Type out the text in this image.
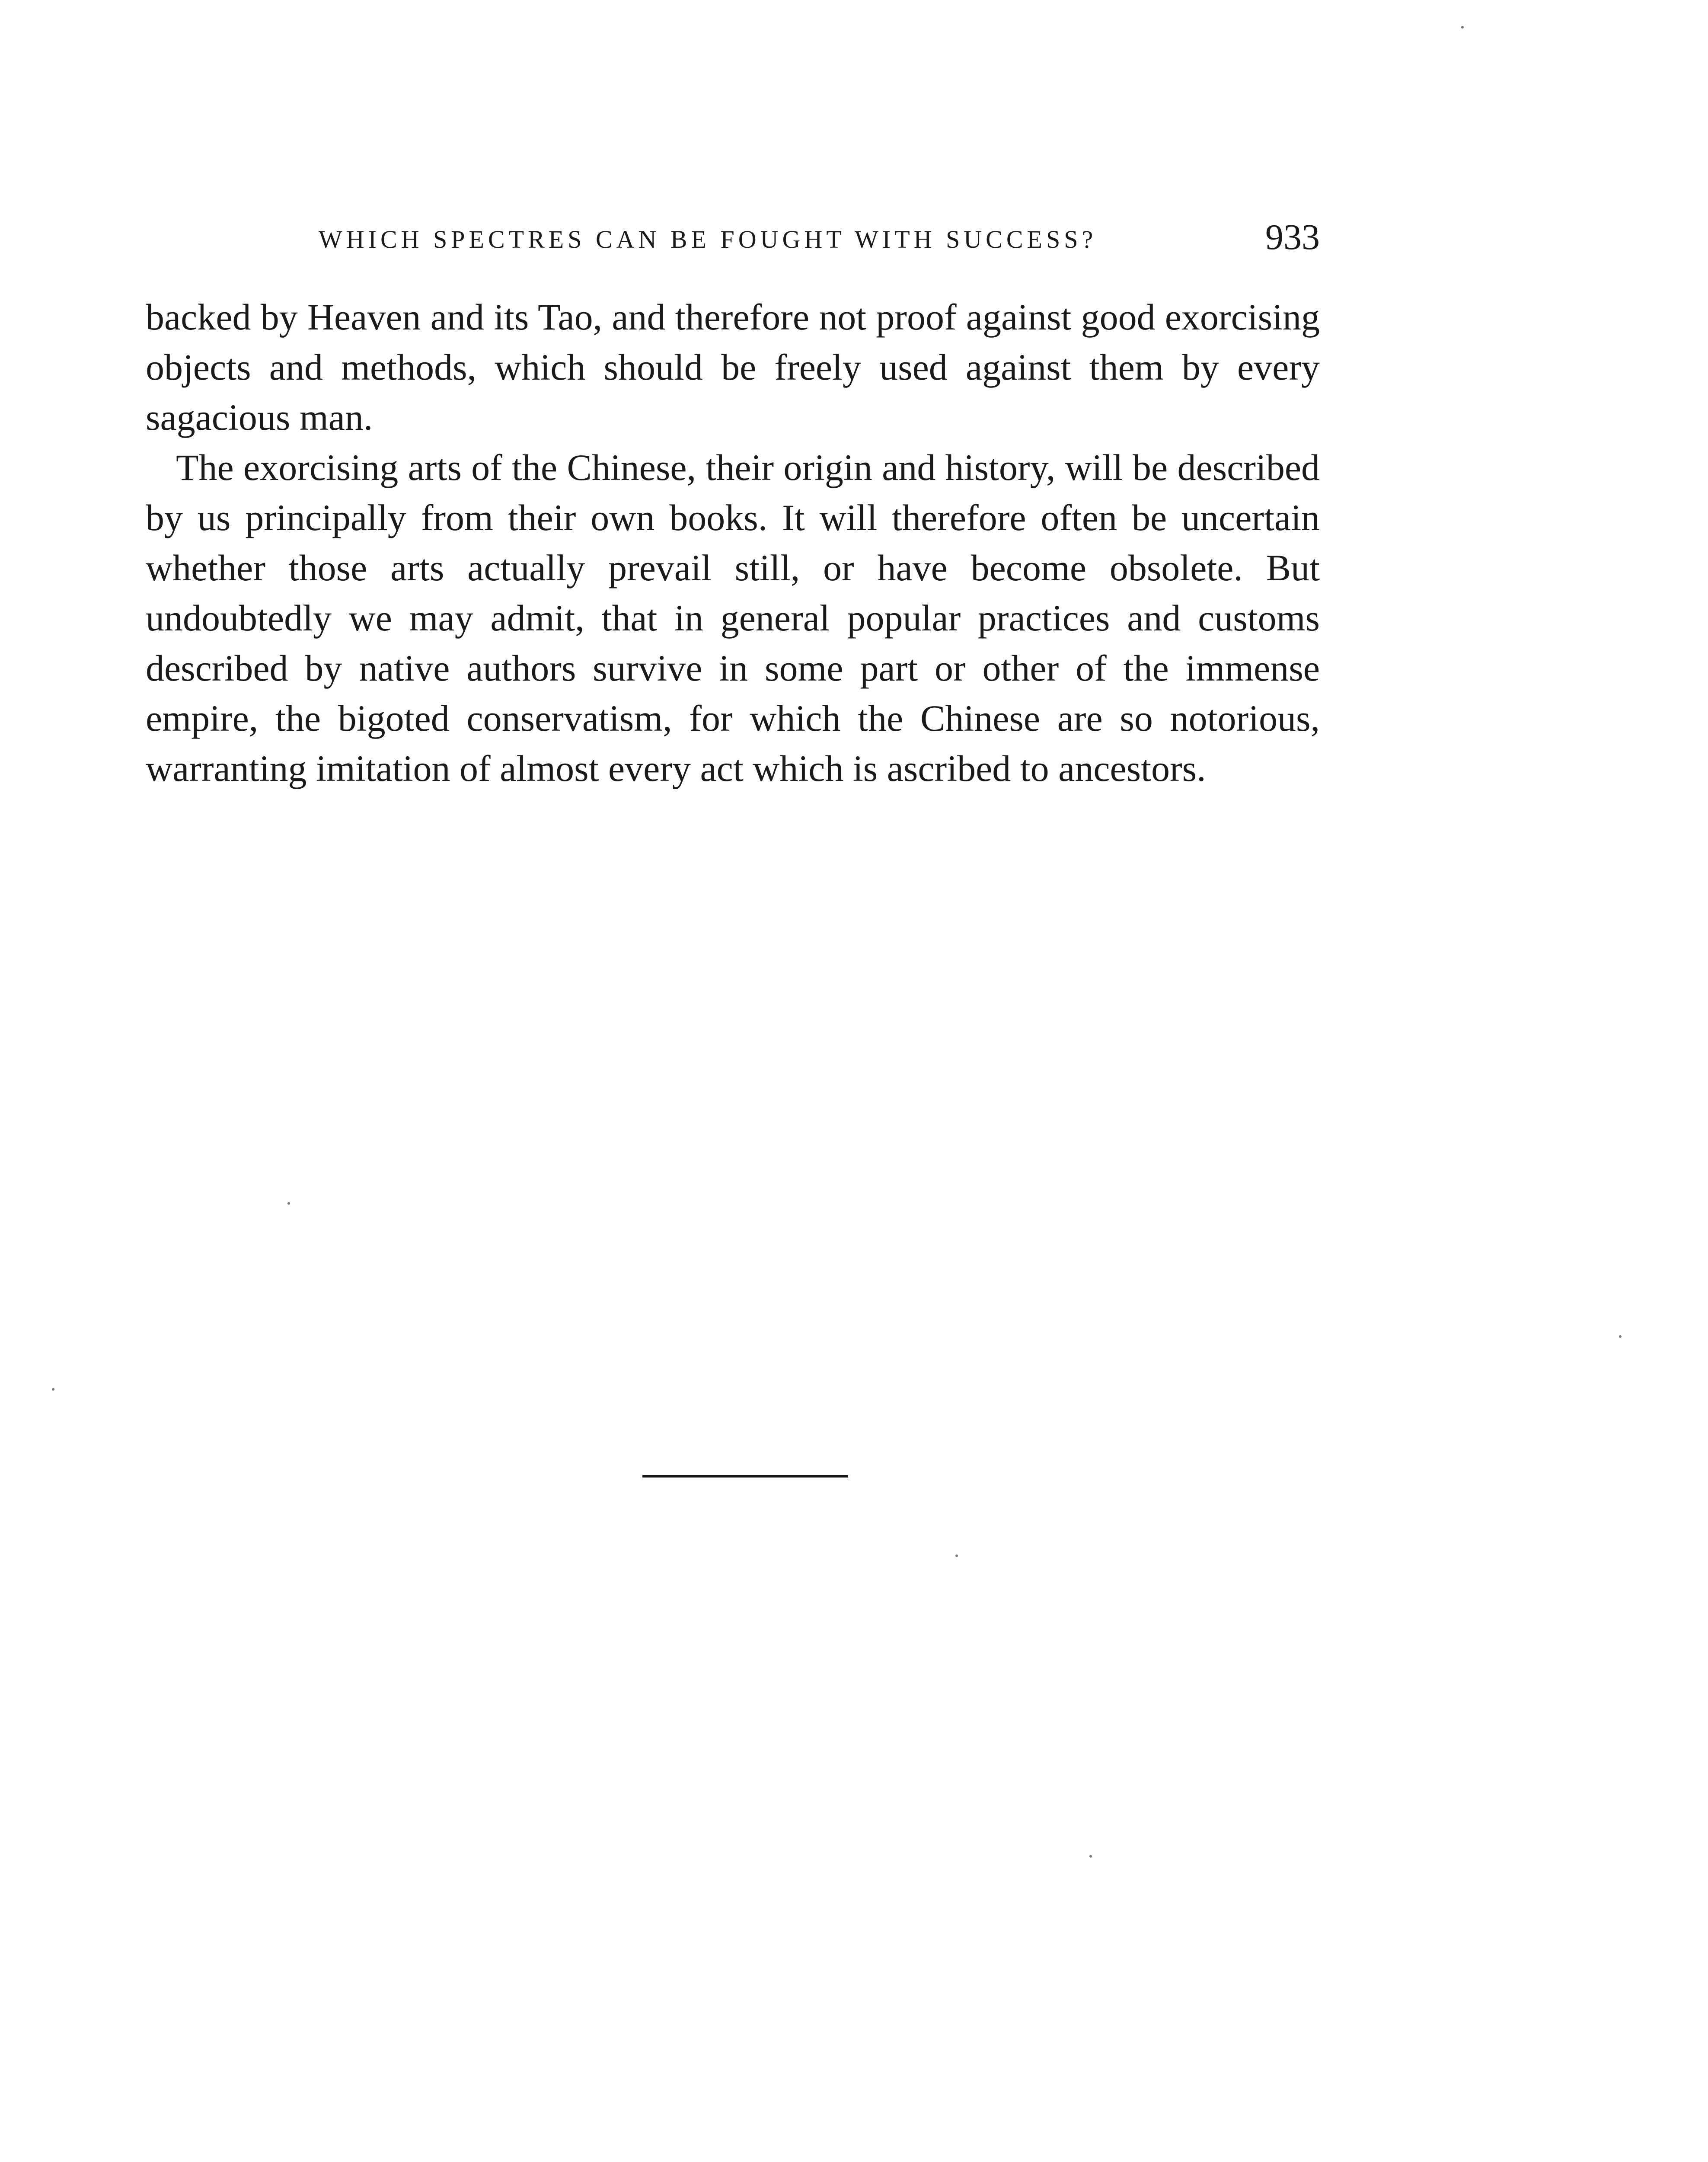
WHICH SPECTRES CAN BE FOUGHT WITH SUCCESS?	933

backed by Heaven and its Tao, and therefore not proof against good exorcising objects and methods, which should be freely used against them by every sagacious man.

The exorcising arts of the Chinese, their origin and history, will be described by us principally from their own books. It will therefore often be uncertain whether those arts actually prevail still, or have become obsolete. But undoubtedly we may admit, that in general popular practices and customs described by native authors survive in some part or other of the immense empire, the bigoted conservatism, for which the Chinese are so notorious, warranting imitation of almost every act which is ascribed to ancestors.
